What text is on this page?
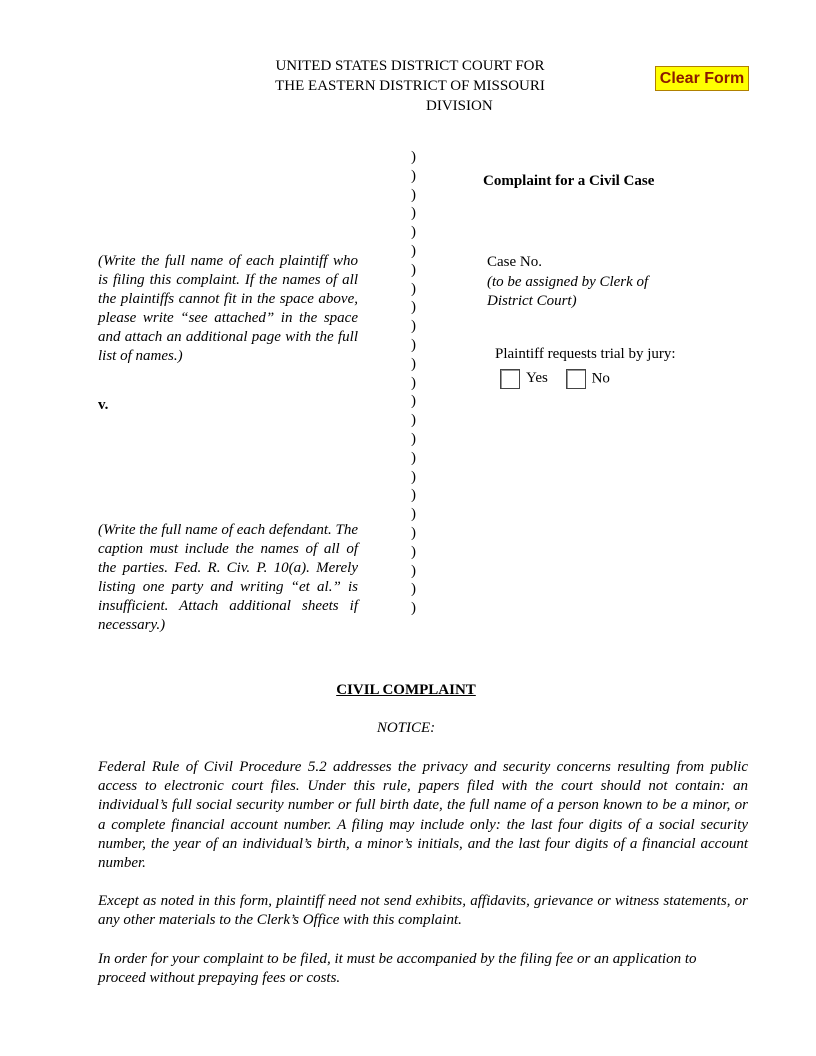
UNITED STATES DISTRICT COURT FOR
THE EASTERN DISTRICT OF MISSOURI
DIVISION
Clear Form
)
)
)
)
)
)
)
)
)
)
)
)
)
)
)
)
)
)
)
)
)
)
)
)
)
Complaint for a Civil Case
(Write the full name of each plaintiff who is filing this complaint. If the names of all the plaintiffs cannot fit in the space above, please write “see attached” in the space and attach an additional page with the full list of names.)
v.
(Write the full name of each defendant. The caption must include the names of all of the parties. Fed. R. Civ. P. 10(a). Merely listing one party and writing “et al.” is insufficient. Attach additional sheets if necessary.)
Case No.
(to be assigned by Clerk of District Court)
Plaintiff requests trial by jury:
Yes	No
CIVIL COMPLAINT
NOTICE:
Federal Rule of Civil Procedure 5.2 addresses the privacy and security concerns resulting from public access to electronic court files. Under this rule, papers filed with the court should not contain: an individual’s full social security number or full birth date, the full name of a person known to be a minor, or a complete financial account number. A filing may include only: the last four digits of a social security number, the year of an individual’s birth, a minor’s initials, and the last four digits of a financial account number.
Except as noted in this form, plaintiff need not send exhibits, affidavits, grievance or witness statements, or any other materials to the Clerk’s Office with this complaint.
In order for your complaint to be filed, it must be accompanied by the filing fee or an application to proceed without prepaying fees or costs.
